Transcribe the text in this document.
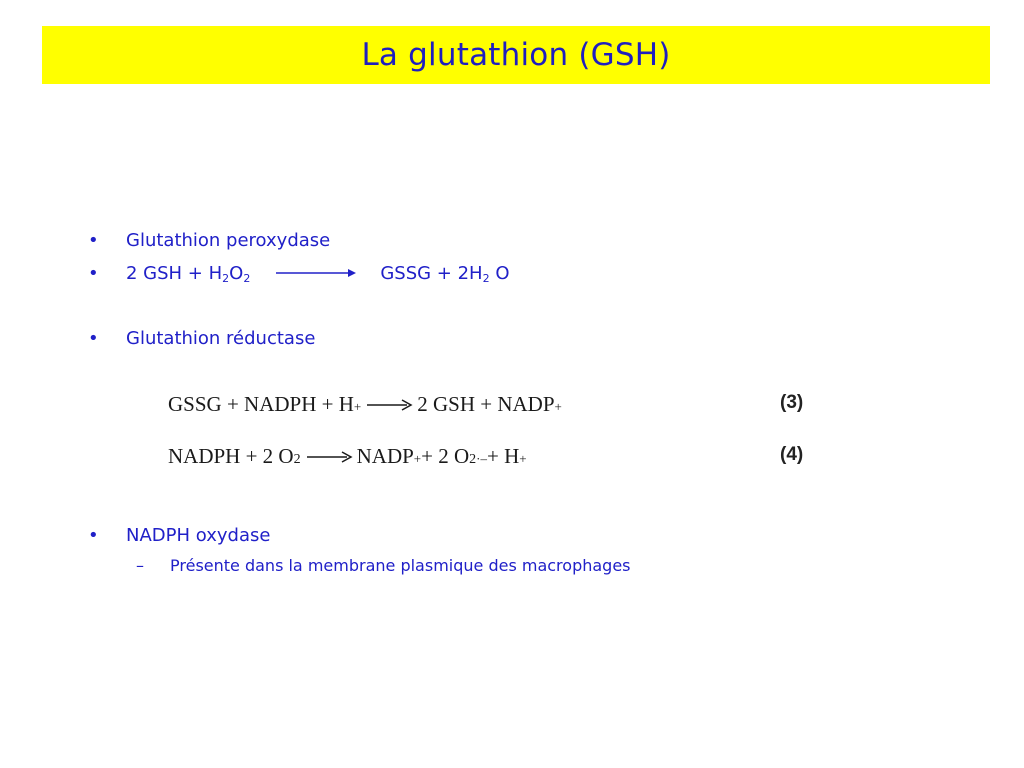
La glutathion (GSH)
•	Glutathion peroxydase
•	2 GSH + $H_2O_2$	GSSG + $2H_2$ O
•	Glutathion réductase
GSSG + NADPH + H + → 2 GSH + NADP +	(3)
NADPH + 2 O 2 → NADP + + 2 O 2 ·– + H +	(4)
•	NADPH oxydase
–	Présente dans la membrane plasmique des macrophages
